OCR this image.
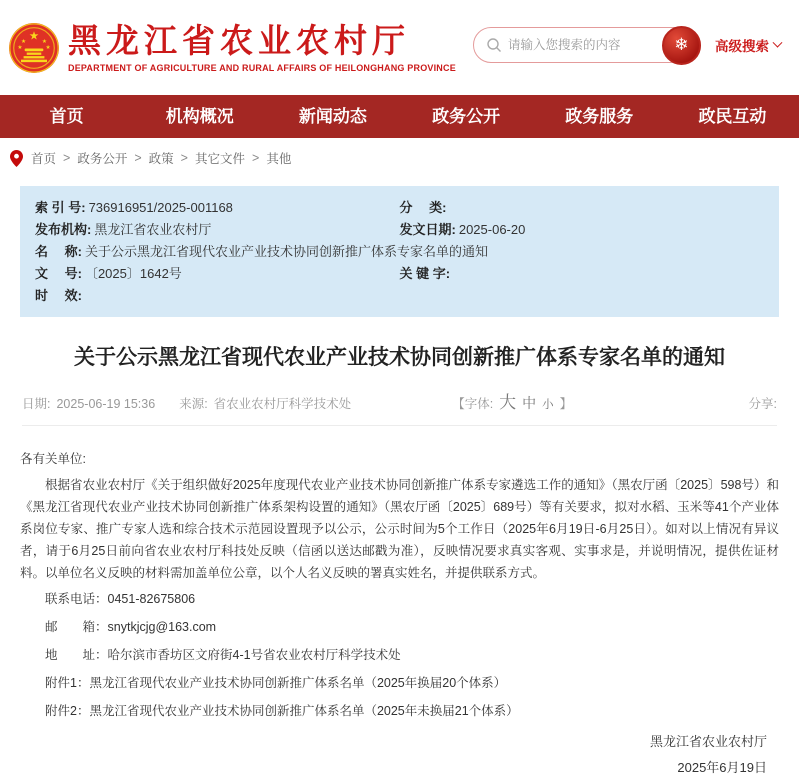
★
★	★
★	★ 黑龙江省农业农村厅
DEPARTMENT OF AGRICULTURE AND RURAL AFFAIRS OF HEILONGHANG PROVINCE
请输入您搜索的内容
❄	高级搜索
首页	机构概况	新闻动态	政务公开	政务服务	政民互动
首页 > 政务公开 > 政策 > 其它文件 > 其他
索 引 号: 736916951/2025-001168	分　 类:
发布机构: 黑龙江省农业农村厅	发文日期: 2025-06-20
名　 称: 关于公示黑龙江省现代农业产业技术协同创新推广体系专家名单的通知
文　 号: 〔2025〕1642号	关 键 字:
时　 效:
关于公示黑龙江省现代农业产业技术协同创新推广体系专家名单的通知
日期: 2025-06-19 15:36 来源: 省农业农村厅科学技术处	【字体: 大 中 小 】	分享:

各有关单位:

根据省农业农村厅《关于组织做好2025年度现代农业产业技术协同创新推广体系专家遴选工作的通知》（黑农厅函〔2025〕598号）和《黑龙江省现代农业产业技术协同创新推广体系架构设置的通知》（黑农厅函〔2025〕689号）等有关要求，拟对水稻、玉米等41个产业体系岗位专家、推广专家人选和综合技术示范园设置现予以公示，公示时间为5个工作日（2025年6月19日-6月25日）。如对以上情况有异议者，请于6月25日前向省农业农村厅科技处反映（信函以送达邮戳为准），反映情况要求真实客观、实事求是，并说明情况，提供佐证材料。以单位名义反映的材料需加盖单位公章，以个人名义反映的署真实姓名，并提供联系方式。

联系电话：0451-82675806

邮　　箱：snytkjcjg@163.com

地　　址：哈尔滨市香坊区文府街4-1号省农业农村厅科学技术处

附件1：黑龙江省现代农业产业技术协同创新推广体系名单（2025年换届20个体系）

附件2：黑龙江省现代农业产业技术协同创新推广体系名单（2025年未换届21个体系）

黑龙江省农业农村厅

2025年6月19日
